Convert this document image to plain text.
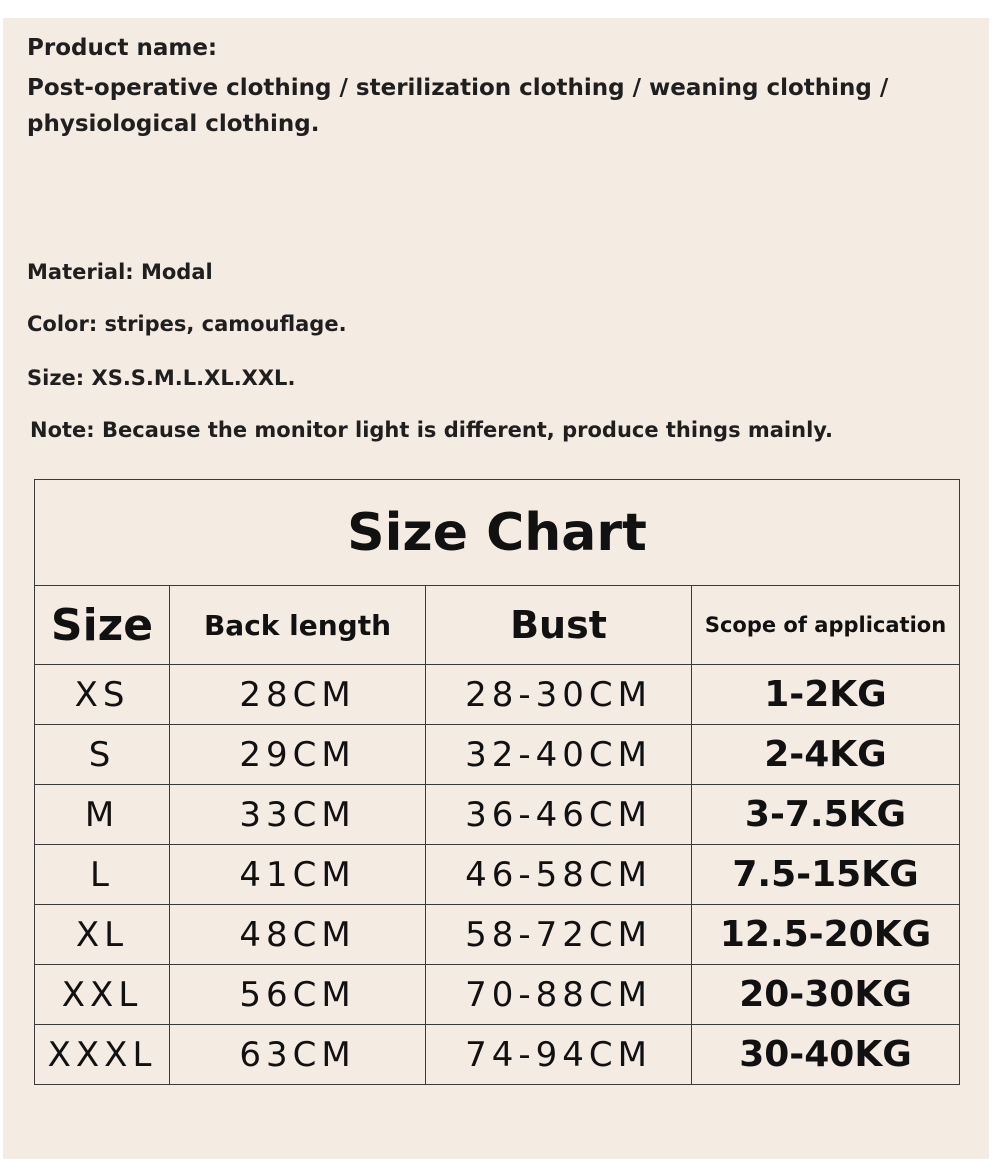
Product name:

Post-operative clothing / sterilization clothing / weaning clothing / physiological clothing.

Material: Modal

Color: stripes, camouflage.

Size: XS.S.M.L.XL.XXL.

Note: Because the monitor light is different, produce things mainly.

Size Chart			
Size	Back length	Bust	Scope of application
XS	28CM	28-30CM	1-2KG
S	29CM	32-40CM	2-4KG
M	33CM	36-46CM	3-7.5KG
L	41CM	46-58CM	7.5-15KG
XL	48CM	58-72CM	12.5-20KG
XXL	56CM	70-88CM	20-30KG
XXXL	63CM	74-94CM	30-40KG
